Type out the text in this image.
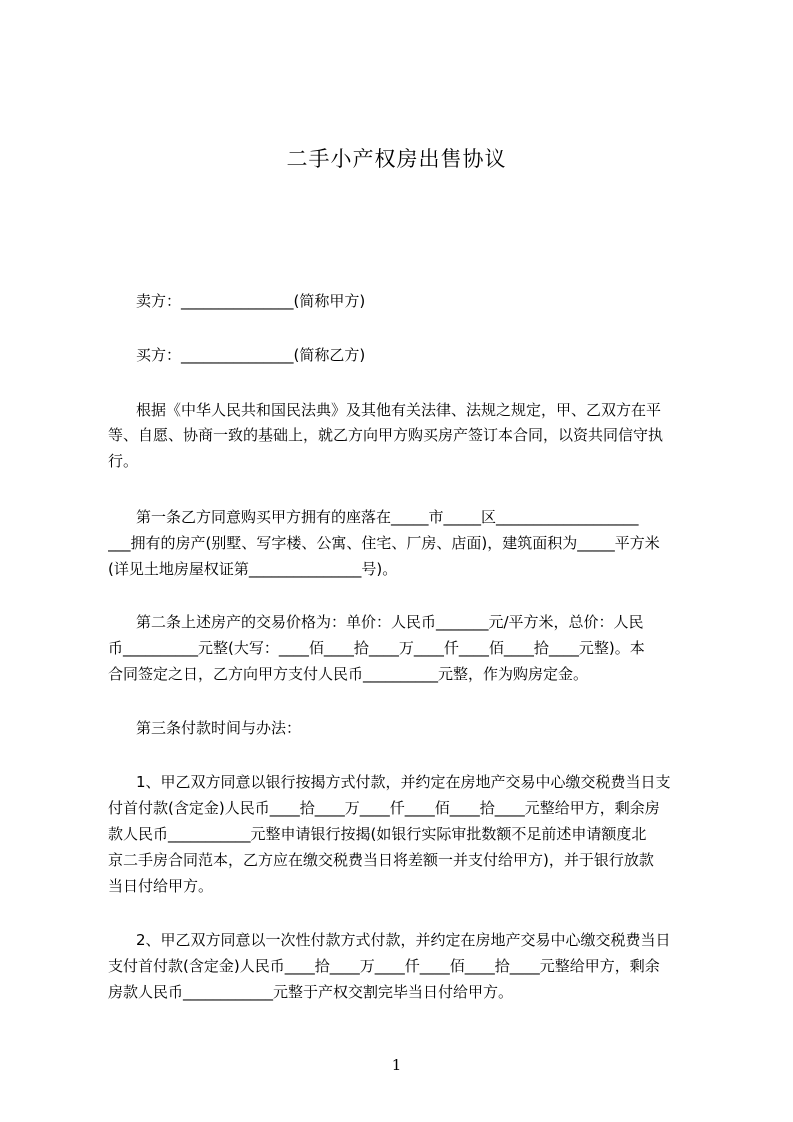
二手小产权房出售协议
卖方：_______________(简称甲方)
买方：_______________(简称乙方)
根据《中华人民共和国民法典》及其他有关法律、法规之规定，甲、乙双方在平
等、自愿、协商一致的基础上，就乙方向甲方购买房产签订本合同，以资共同信守执
行。
第一条乙方同意购买甲方拥有的座落在_____市_____区___________________
___拥有的房产(别墅、写字楼、公寓、住宅、厂房、店面)，建筑面积为_____平方米
(详见土地房屋权证第_______________号)。
第二条上述房产的交易价格为：单价：人民币_______元/平方米，总价：人民
币__________元整(大写：____佰____拾____万____仟____佰____拾____元整)。本
合同签定之日，乙方向甲方支付人民币__________元整，作为购房定金。
第三条付款时间与办法：
1、甲乙双方同意以银行按揭方式付款，并约定在房地产交易中心缴交税费当日支
付首付款(含定金)人民币____拾____万____仟____佰____拾____元整给甲方，剩余房
款人民币___________元整申请银行按揭(如银行实际审批数额不足前述申请额度北
京二手房合同范本，乙方应在缴交税费当日将差额一并支付给甲方)，并于银行放款
当日付给甲方。
2、甲乙双方同意以一次性付款方式付款，并约定在房地产交易中心缴交税费当日
支付首付款(含定金)人民币____拾____万____仟____佰____拾____元整给甲方，剩余
房款人民币____________元整于产权交割完毕当日付给甲方。
1
